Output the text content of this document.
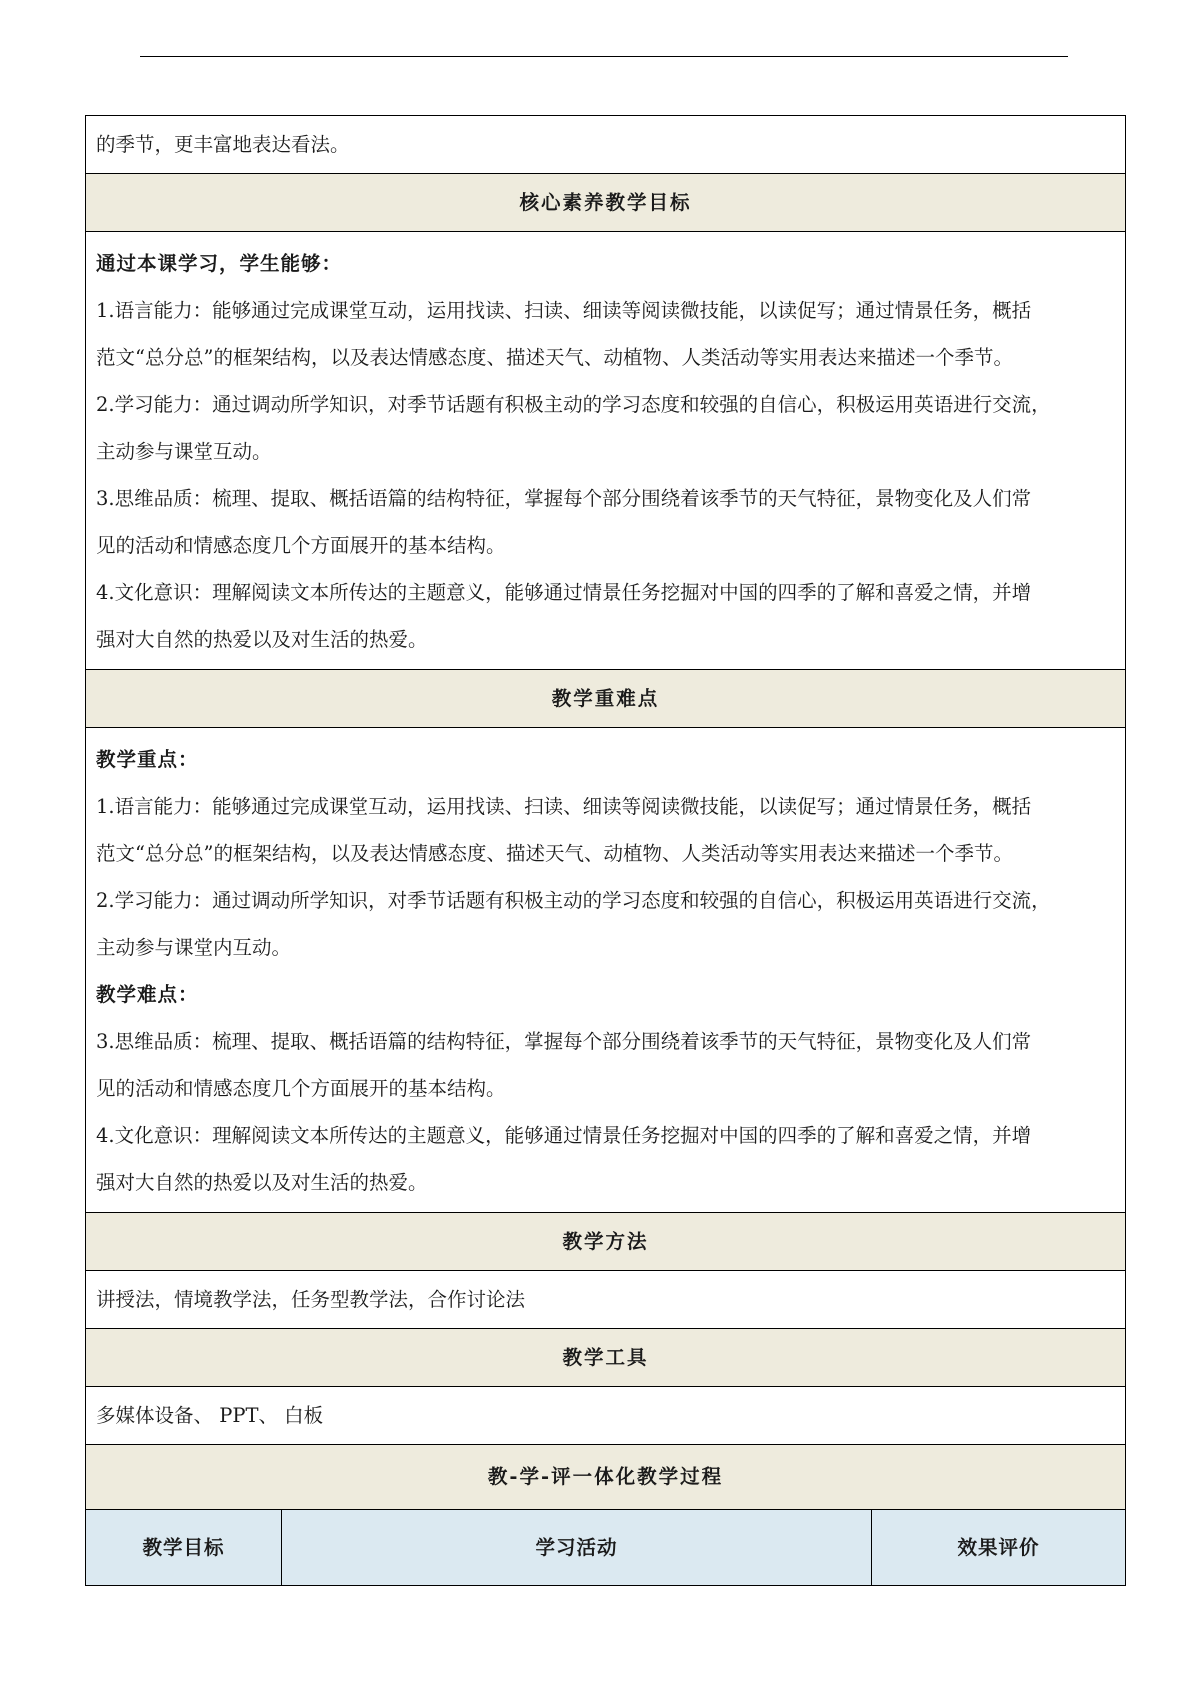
的季节，更丰富地表达看法。
核心素养教学目标

通过本课学习，学生能够：
1.语言能力：能够通过完成课堂互动，运用找读、扫读、细读等阅读微技能，以读促写；通过情景任务，概括
范文“总分总”的框架结构，以及表达情感态度、描述天气、动植物、人类活动等实用表达来描述一个季节。
2.学习能力：通过调动所学知识，对季节话题有积极主动的学习态度和较强的自信心，积极运用英语进行交流，
主动参与课堂互动。
3.思维品质：梳理、提取、概括语篇的结构特征，掌握每个部分围绕着该季节的天气特征，景物变化及人们常
见的活动和情感态度几个方面展开的基本结构。
4.文化意识：理解阅读文本所传达的主题意义，能够通过情景任务挖掘对中国的四季的了解和喜爱之情，并增
强对大自然的热爱以及对生活的热爱。

教学重难点

教学重点：
1.语言能力：能够通过完成课堂互动，运用找读、扫读、细读等阅读微技能，以读促写；通过情景任务，概括
范文“总分总”的框架结构，以及表达情感态度、描述天气、动植物、人类活动等实用表达来描述一个季节。
2.学习能力：通过调动所学知识，对季节话题有积极主动的学习态度和较强的自信心，积极运用英语进行交流，
主动参与课堂内互动。
教学难点：
3.思维品质：梳理、提取、概括语篇的结构特征，掌握每个部分围绕着该季节的天气特征，景物变化及人们常
见的活动和情感态度几个方面展开的基本结构。
4.文化意识：理解阅读文本所传达的主题意义，能够通过情景任务挖掘对中国的四季的了解和喜爱之情，并增
强对大自然的热爱以及对生活的热爱。

教学方法
讲授法，情境教学法，任务型教学法，合作讨论法
教学工具
多媒体设备、 PPT、 白板
教-学-评一体化教学过程
教学目标	学习活动	效果评价
